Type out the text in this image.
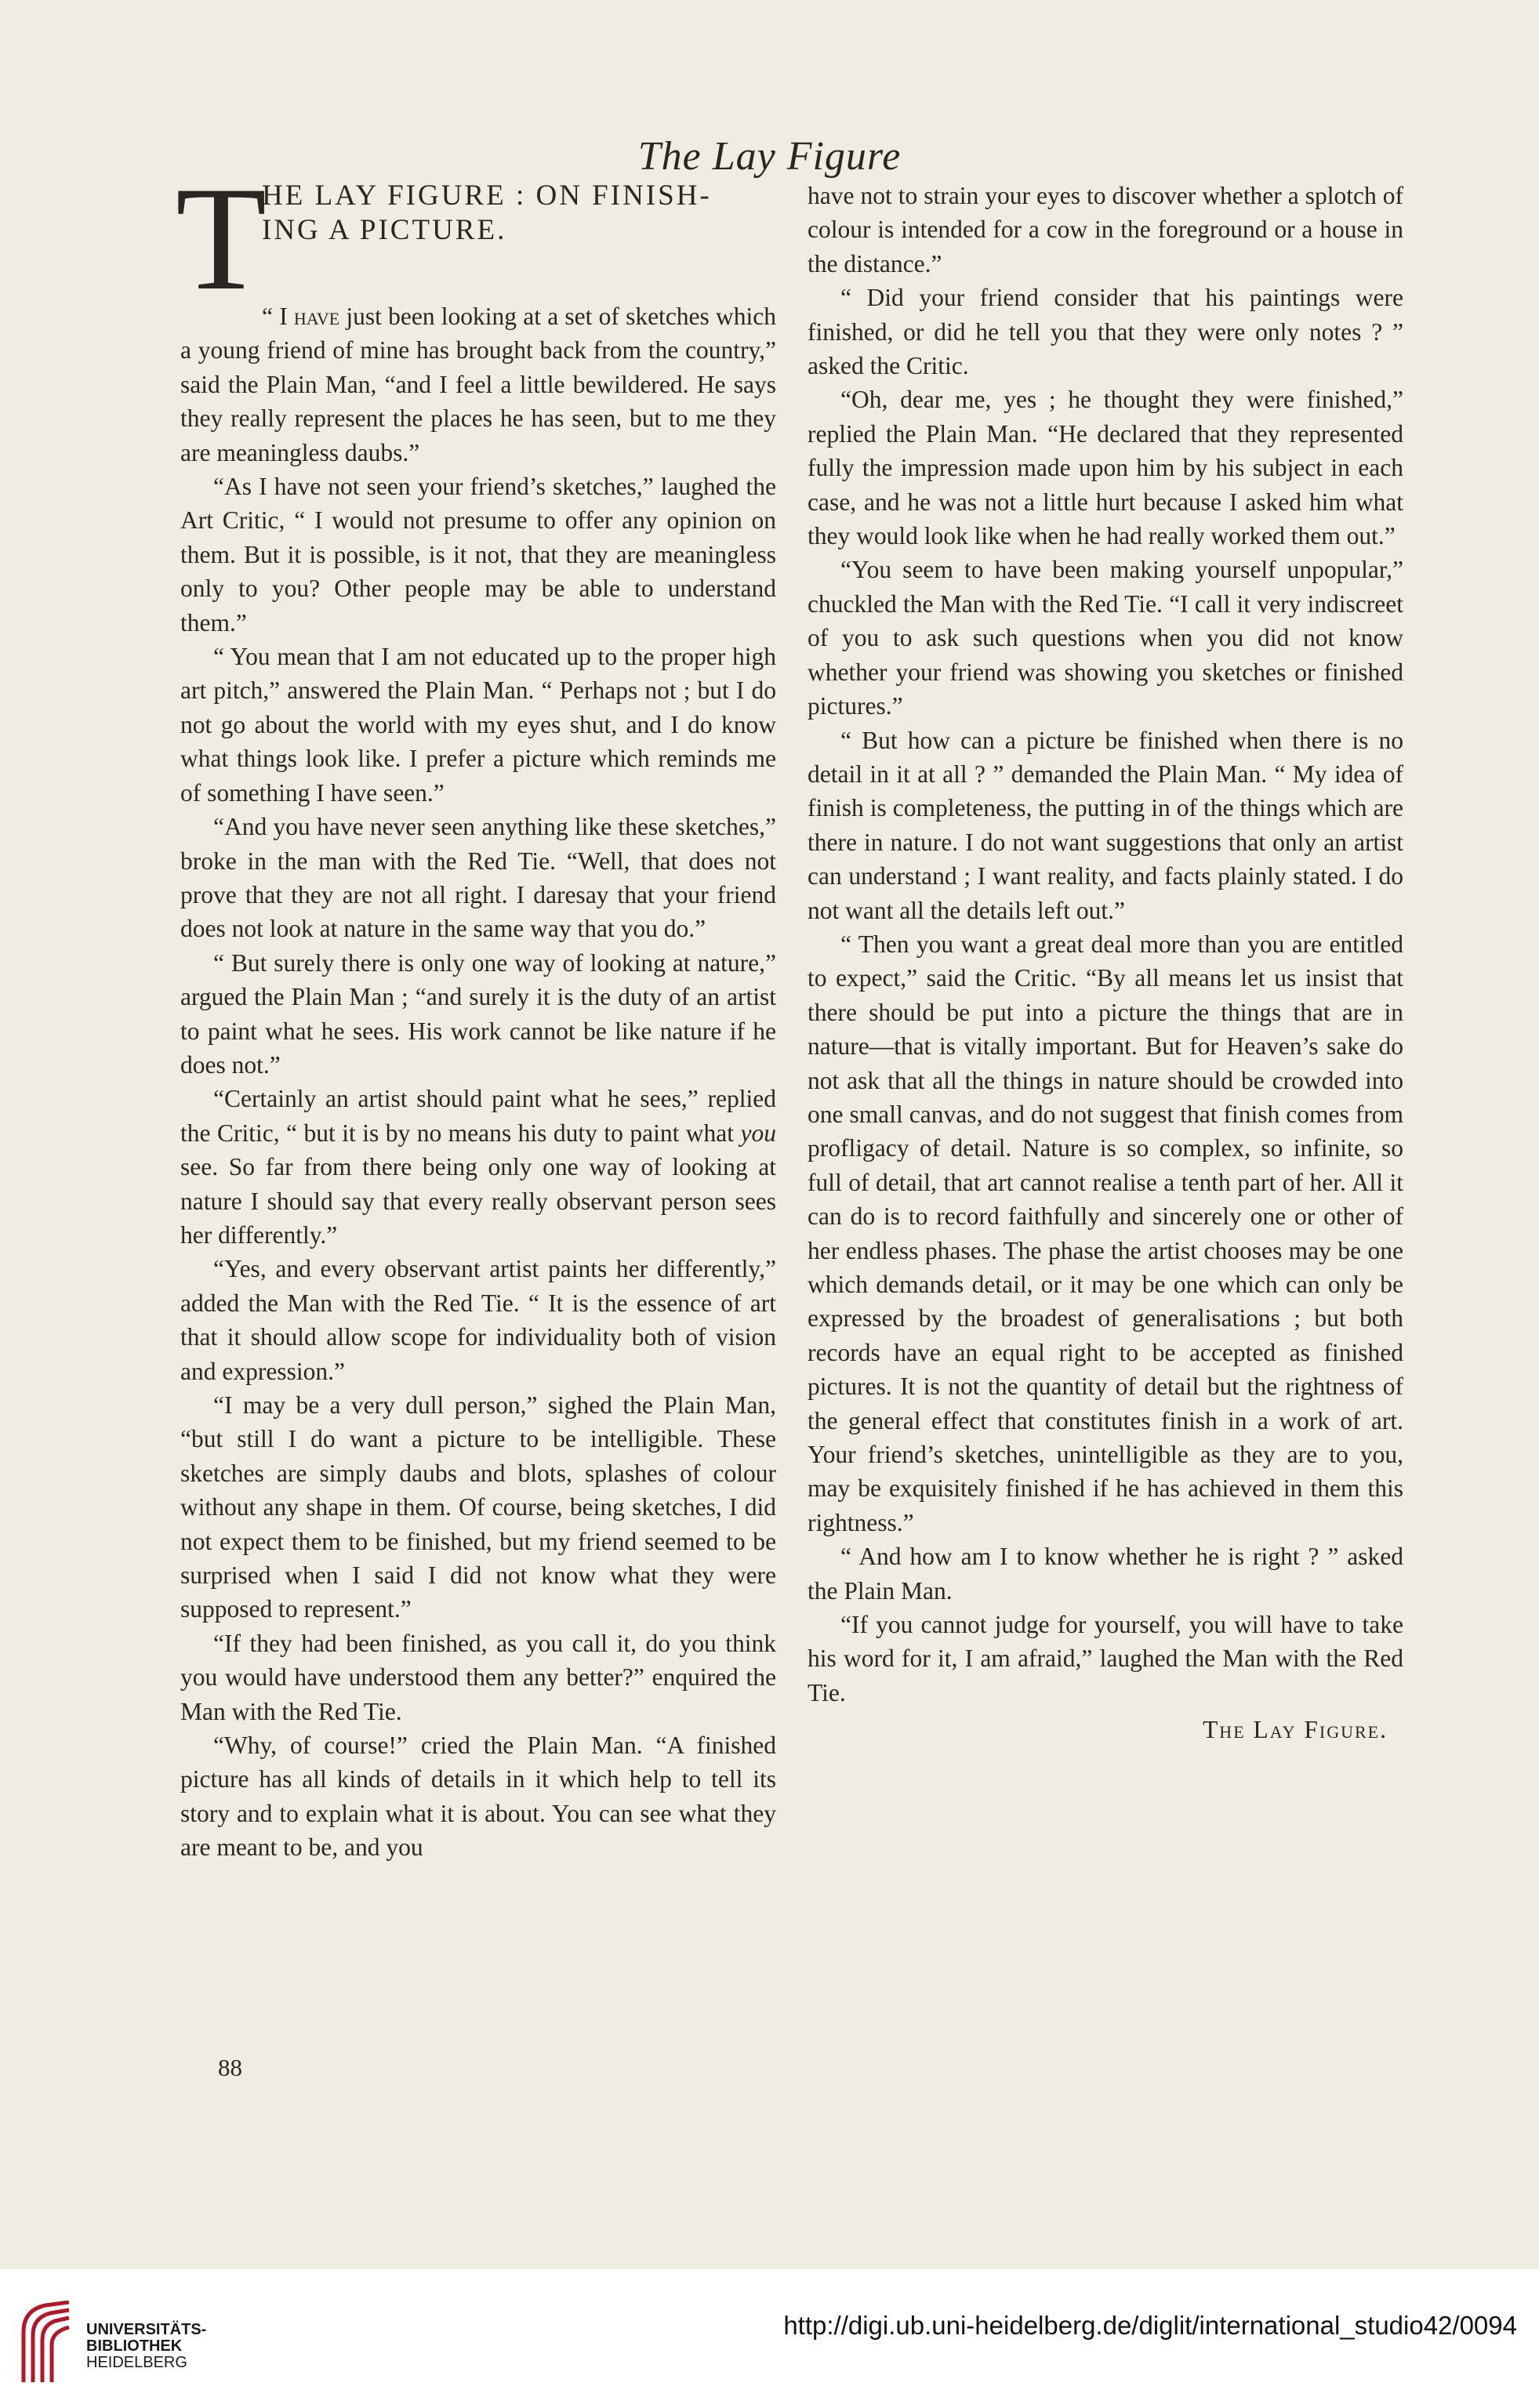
The Lay Figure
T
HE LAY FIGURE : ON FINISH-
ING A PICTURE.

“ I have just been looking at a set of sketches which a young friend of mine has brought back from the country,” said the Plain Man, “and I feel a little bewildered. He says they really represent the places he has seen, but to me they are meaningless daubs.”

“As I have not seen your friend’s sketches,” laughed the Art Critic, “ I would not presume to offer any opinion on them. But it is possible, is it not, that they are meaningless only to you? Other people may be able to understand them.”

“ You mean that I am not educated up to the proper high art pitch,” answered the Plain Man. “ Perhaps not ; but I do not go about the world with my eyes shut, and I do know what things look like. I prefer a picture which reminds me of something I have seen.”

“And you have never seen anything like these sketches,” broke in the man with the Red Tie. “Well, that does not prove that they are not all right. I daresay that your friend does not look at nature in the same way that you do.”

“ But surely there is only one way of looking at nature,” argued the Plain Man ; “and surely it is the duty of an artist to paint what he sees. His work cannot be like nature if he does not.”

“Certainly an artist should paint what he sees,” replied the Critic, “ but it is by no means his duty to paint what you see. So far from there being only one way of looking at nature I should say that every really observant person sees her differently.”

“Yes, and every observant artist paints her differently,” added the Man with the Red Tie. “ It is the essence of art that it should allow scope for individuality both of vision and expression.”

“I may be a very dull person,” sighed the Plain Man, “but still I do want a picture to be intelligible. These sketches are simply daubs and blots, splashes of colour without any shape in them. Of course, being sketches, I did not expect them to be finished, but my friend seemed to be surprised when I said I did not know what they were supposed to represent.”

“If they had been finished, as you call it, do you think you would have understood them any better?” enquired the Man with the Red Tie.

“Why, of course!” cried the Plain Man. “A finished picture has all kinds of details in it which help to tell its story and to explain what it is about. You can see what they are meant to be, and you

have not to strain your eyes to discover whether a splotch of colour is intended for a cow in the foreground or a house in the distance.”

“ Did your friend consider that his paintings were finished, or did he tell you that they were only notes ? ” asked the Critic.

“Oh, dear me, yes ; he thought they were finished,” replied the Plain Man. “He declared that they represented fully the impression made upon him by his subject in each case, and he was not a little hurt because I asked him what they would look like when he had really worked them out.”

“You seem to have been making yourself unpopular,” chuckled the Man with the Red Tie. “I call it very indiscreet of you to ask such questions when you did not know whether your friend was showing you sketches or finished pictures.”

“ But how can a picture be finished when there is no detail in it at all ? ” demanded the Plain Man. “ My idea of finish is completeness, the putting in of the things which are there in nature. I do not want suggestions that only an artist can understand ; I want reality, and facts plainly stated. I do not want all the details left out.”

“ Then you want a great deal more than you are entitled to expect,” said the Critic. “By all means let us insist that there should be put into a picture the things that are in nature—that is vitally important. But for Heaven’s sake do not ask that all the things in nature should be crowded into one small canvas, and do not suggest that finish comes from profligacy of detail. Nature is so complex, so infinite, so full of detail, that art cannot realise a tenth part of her. All it can do is to record faithfully and sincerely one or other of her endless phases. The phase the artist chooses may be one which demands detail, or it may be one which can only be expressed by the broadest of generalisations ; but both records have an equal right to be accepted as finished pictures. It is not the quantity of detail but the rightness of the general effect that constitutes finish in a work of art. Your friend’s sketches, unintelligible as they are to you, may be exquisitely finished if he has achieved in them this rightness.”

“ And how am I to know whether he is right ? ” asked the Plain Man.

“If you cannot judge for yourself, you will have to take his word for it, I am afraid,” laughed the Man with the Red Tie.

The Lay Figure.
88
UNIVERSITÄTS-
BIBLIOTHEK
HEIDELBERG
http://digi.ub.uni-heidelberg.de/diglit/international_studio42/0094
